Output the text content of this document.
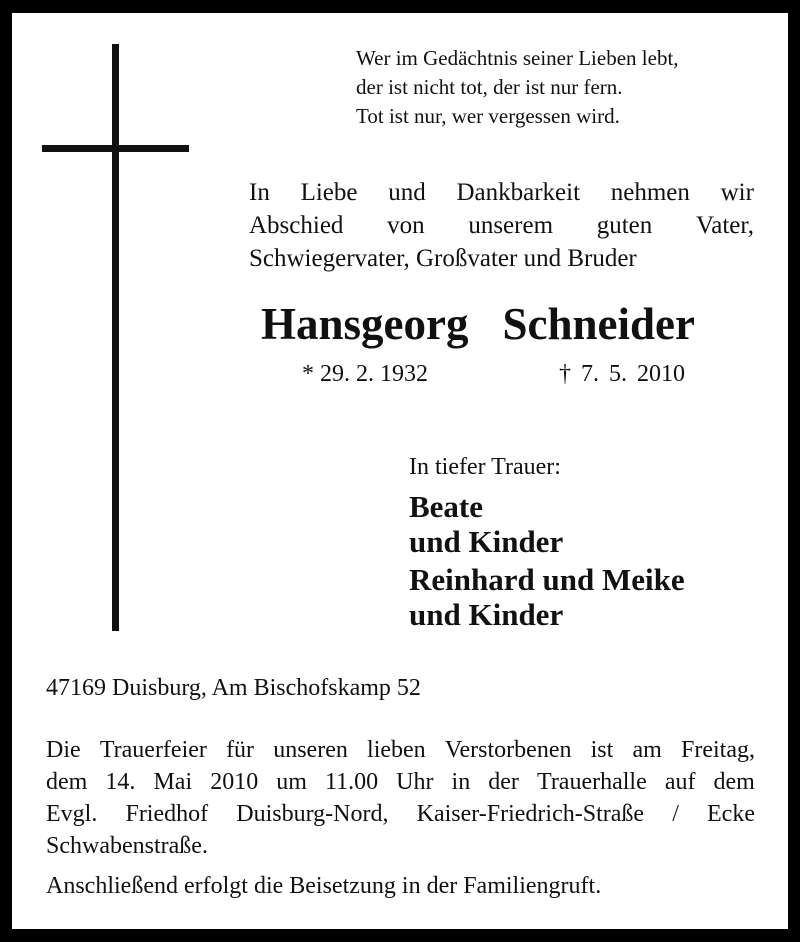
Wer im Gedächtnis seiner Lieben lebt,
der ist nicht tot, der ist nur fern.
Tot ist nur, wer vergessen wird.
In Liebe und Dankbarkeit nehmen wir
Abschied von unserem guten Vater,
Schwiegervater, Großvater und Bruder
Hansgeorg Schneider
* 29. 2. 1932	† 7. 5. 2010
In tiefer Trauer:
Beate
und Kinder
Reinhard und Meike
und Kinder
47169 Duisburg, Am Bischofskamp 52
Die Trauerfeier für unseren lieben Verstorbenen ist am Freitag,
dem 14. Mai 2010 um 11.00 Uhr in der Trauerhalle auf dem
Evgl. Friedhof Duisburg-Nord, Kaiser-Friedrich-Straße / Ecke
Schwabenstraße.
Anschließend erfolgt die Beisetzung in der Familiengruft.
